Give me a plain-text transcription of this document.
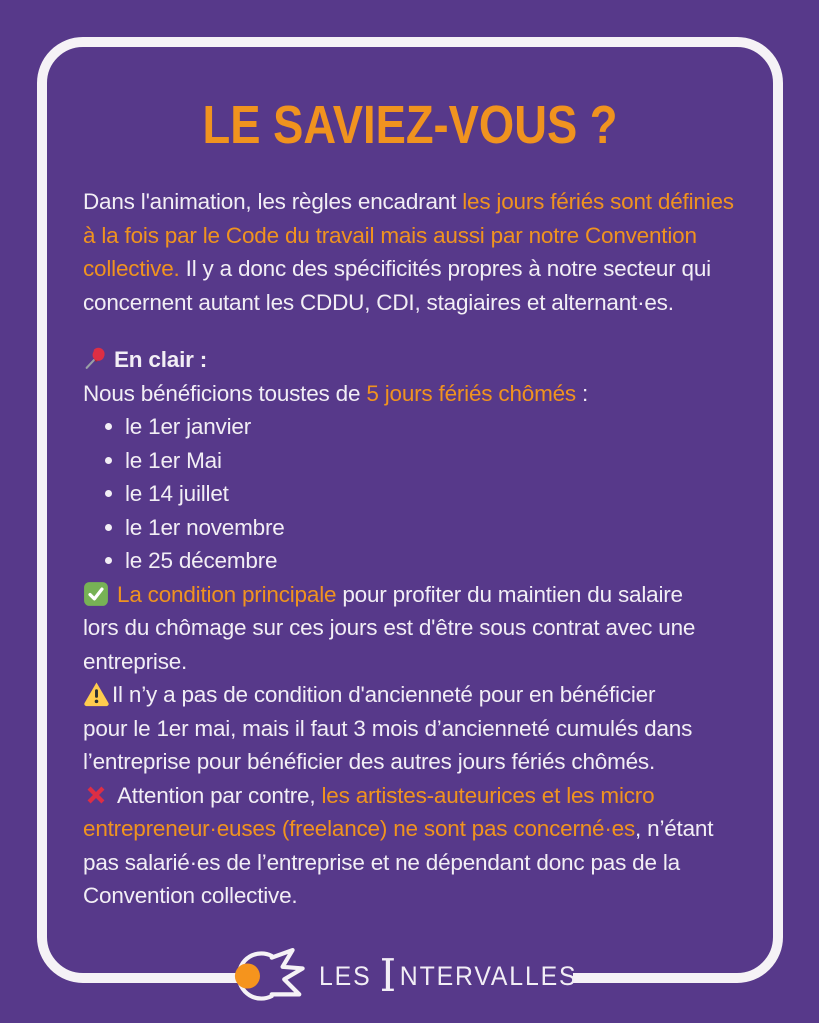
LE SAVIEZ-VOUS ?

Dans l'animation, les règles encadrant les jours fériés sont définies
à la fois par le Code du travail mais aussi par notre Convention
collective. Il y a donc des spécificités propres à notre secteur qui
concernent autant les CDDU, CDI, stagiaires et alternant·es.

En clair :

Nous bénéficions toustes de 5 jours fériés chômés :

le 1er janvier
le 1er Mai
le 14 juillet
le 1er novembre
le 25 décembre

La condition principale pour profiter du maintien du salaire
lors du chômage sur ces jours est d'être sous contrat avec une
entreprise.

Il n’y a pas de condition d'ancienneté pour en bénéficier
pour le 1er mai, mais il faut 3 mois d’ancienneté cumulés dans
l’entreprise pour bénéficier des autres jours fériés chômés.

Attention par contre, les artistes-auteurices et les micro
entrepreneur·euses (freelance) ne sont pas concerné·es, n’étant
pas salarié·es de l’entreprise et ne dépendant donc pas de la
Convention collective.

LES I NTERVALLES
